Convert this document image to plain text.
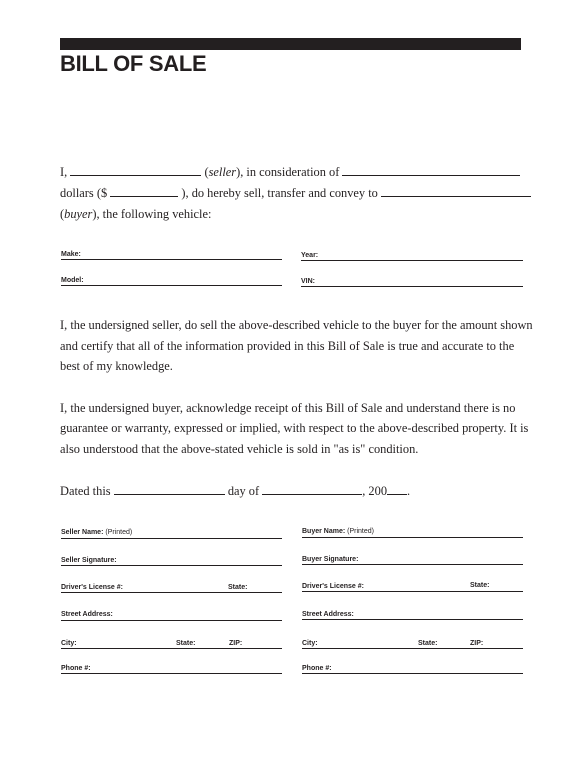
BILL OF SALE
I,	(seller), in consideration of
dollars ($	), do hereby sell, transfer and convey to
(buyer), the following vehicle:
Make:	Year:
Model:	VIN:
I, the undersigned seller, do sell the above-described vehicle to the buyer for the amount shown
and certify that all of the information provided in this Bill of Sale is true and accurate to the
best of my knowledge.
I, the undersigned buyer, acknowledge receipt of this Bill of Sale and understand there is no
guarantee or warranty, expressed or implied, with respect to the above-described property. It is
also understood that the above-stated vehicle is sold in "as is" condition.
Dated this	day of	, 200 .
Seller Name: (Printed)
Seller Signature:
Driver's License #:	State:
Street Address:
City:	State:	ZIP:
Phone #:
Buyer Name: (Printed)
Buyer Signature:
Driver's License #:	State:
Street Address:
City:	State:	ZIP:
Phone #:
